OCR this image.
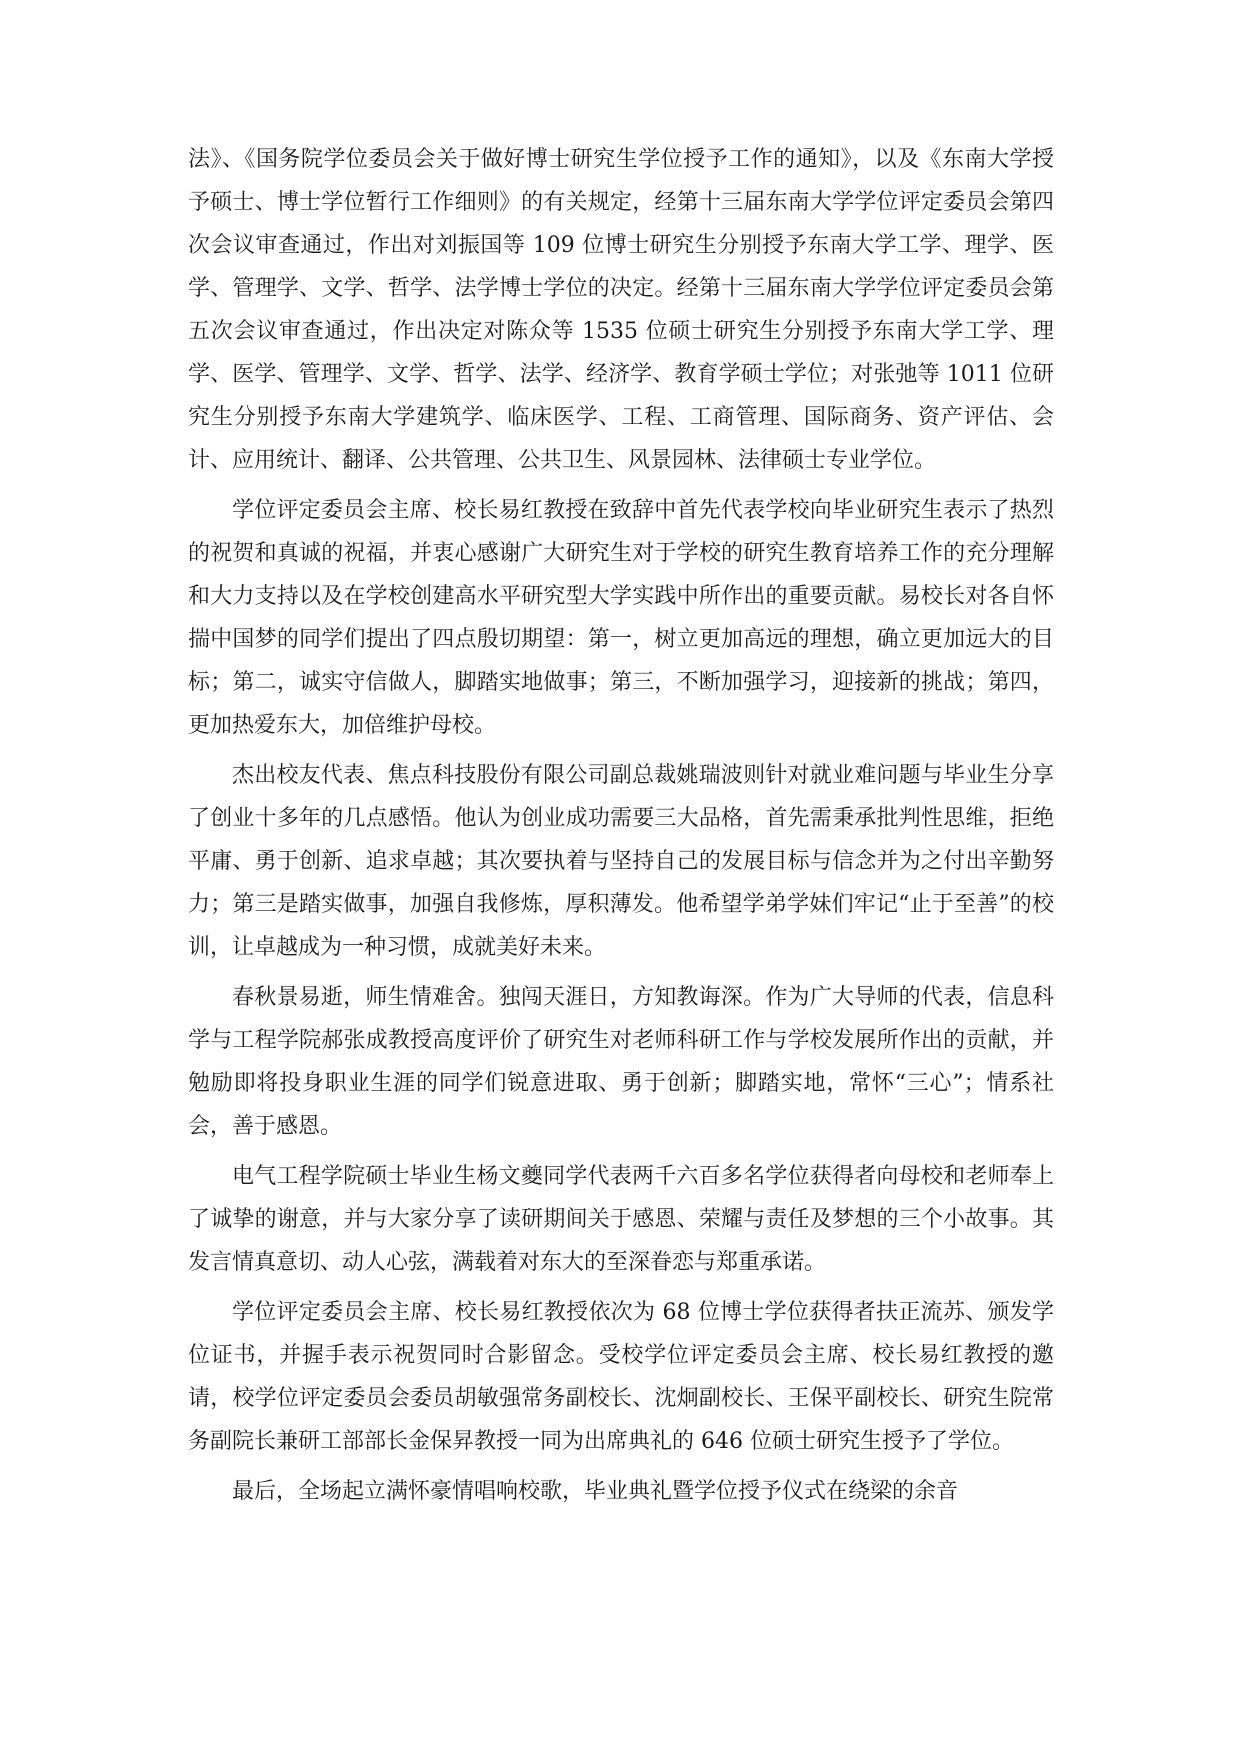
法》、《国务院学位委员会关于做好博士研究生学位授予工作的通知》，以及《东南大学授予硕士、博士学位暂行工作细则》的有关规定，经第十三届东南大学学位评定委员会第四次会议审查通过，作出对刘振国等 109 位博士研究生分别授予东南大学工学、理学、医学、管理学、文学、哲学、法学博士学位的决定。经第十三届东南大学学位评定委员会第五次会议审查通过，作出决定对陈众等 1535 位硕士研究生分别授予东南大学工学、理学、医学、管理学、文学、哲学、法学、经济学、教育学硕士学位；对张弛等 1011 位研究生分别授予东南大学建筑学、临床医学、工程、工商管理、国际商务、资产评估、会计、应用统计、翻译、公共管理、公共卫生、风景园林、法律硕士专业学位。

学位评定委员会主席、校长易红教授在致辞中首先代表学校向毕业研究生表示了热烈的祝贺和真诚的祝福，并衷心感谢广大研究生对于学校的研究生教育培养工作的充分理解和大力支持以及在学校创建高水平研究型大学实践中所作出的重要贡献。易校长对各自怀揣中国梦的同学们提出了四点殷切期望：第一，树立更加高远的理想，确立更加远大的目标；第二，诚实守信做人，脚踏实地做事；第三，不断加强学习，迎接新的挑战；第四，更加热爱东大，加倍维护母校。

杰出校友代表、焦点科技股份有限公司副总裁姚瑞波则针对就业难问题与毕业生分享了创业十多年的几点感悟。他认为创业成功需要三大品格，首先需秉承批判性思维，拒绝平庸、勇于创新、追求卓越；其次要执着与坚持自己的发展目标与信念并为之付出辛勤努力；第三是踏实做事，加强自我修炼，厚积薄发。他希望学弟学妹们牢记“止于至善”的校训，让卓越成为一种习惯，成就美好未来。

春秋景易逝，师生情难舍。独闯天涯日，方知教诲深。作为广大导师的代表，信息科学与工程学院郝张成教授高度评价了研究生对老师科研工作与学校发展所作出的贡献，并勉励即将投身职业生涯的同学们锐意进取、勇于创新；脚踏实地，常怀“三心”；情系社会，善于感恩。

电气工程学院硕士毕业生杨文夔同学代表两千六百多名学位获得者向母校和老师奉上了诚挚的谢意，并与大家分享了读研期间关于感恩、荣耀与责任及梦想的三个小故事。其发言情真意切、动人心弦，满载着对东大的至深眷恋与郑重承诺。

学位评定委员会主席、校长易红教授依次为 68 位博士学位获得者扶正流苏、颁发学位证书，并握手表示祝贺同时合影留念。受校学位评定委员会主席、校长易红教授的邀请，校学位评定委员会委员胡敏强常务副校长、沈炯副校长、王保平副校长、研究生院常务副院长兼研工部部长金保昇教授一同为出席典礼的 646 位硕士研究生授予了学位。

最后，全场起立满怀豪情唱响校歌，毕业典礼暨学位授予仪式在绕梁的余音
